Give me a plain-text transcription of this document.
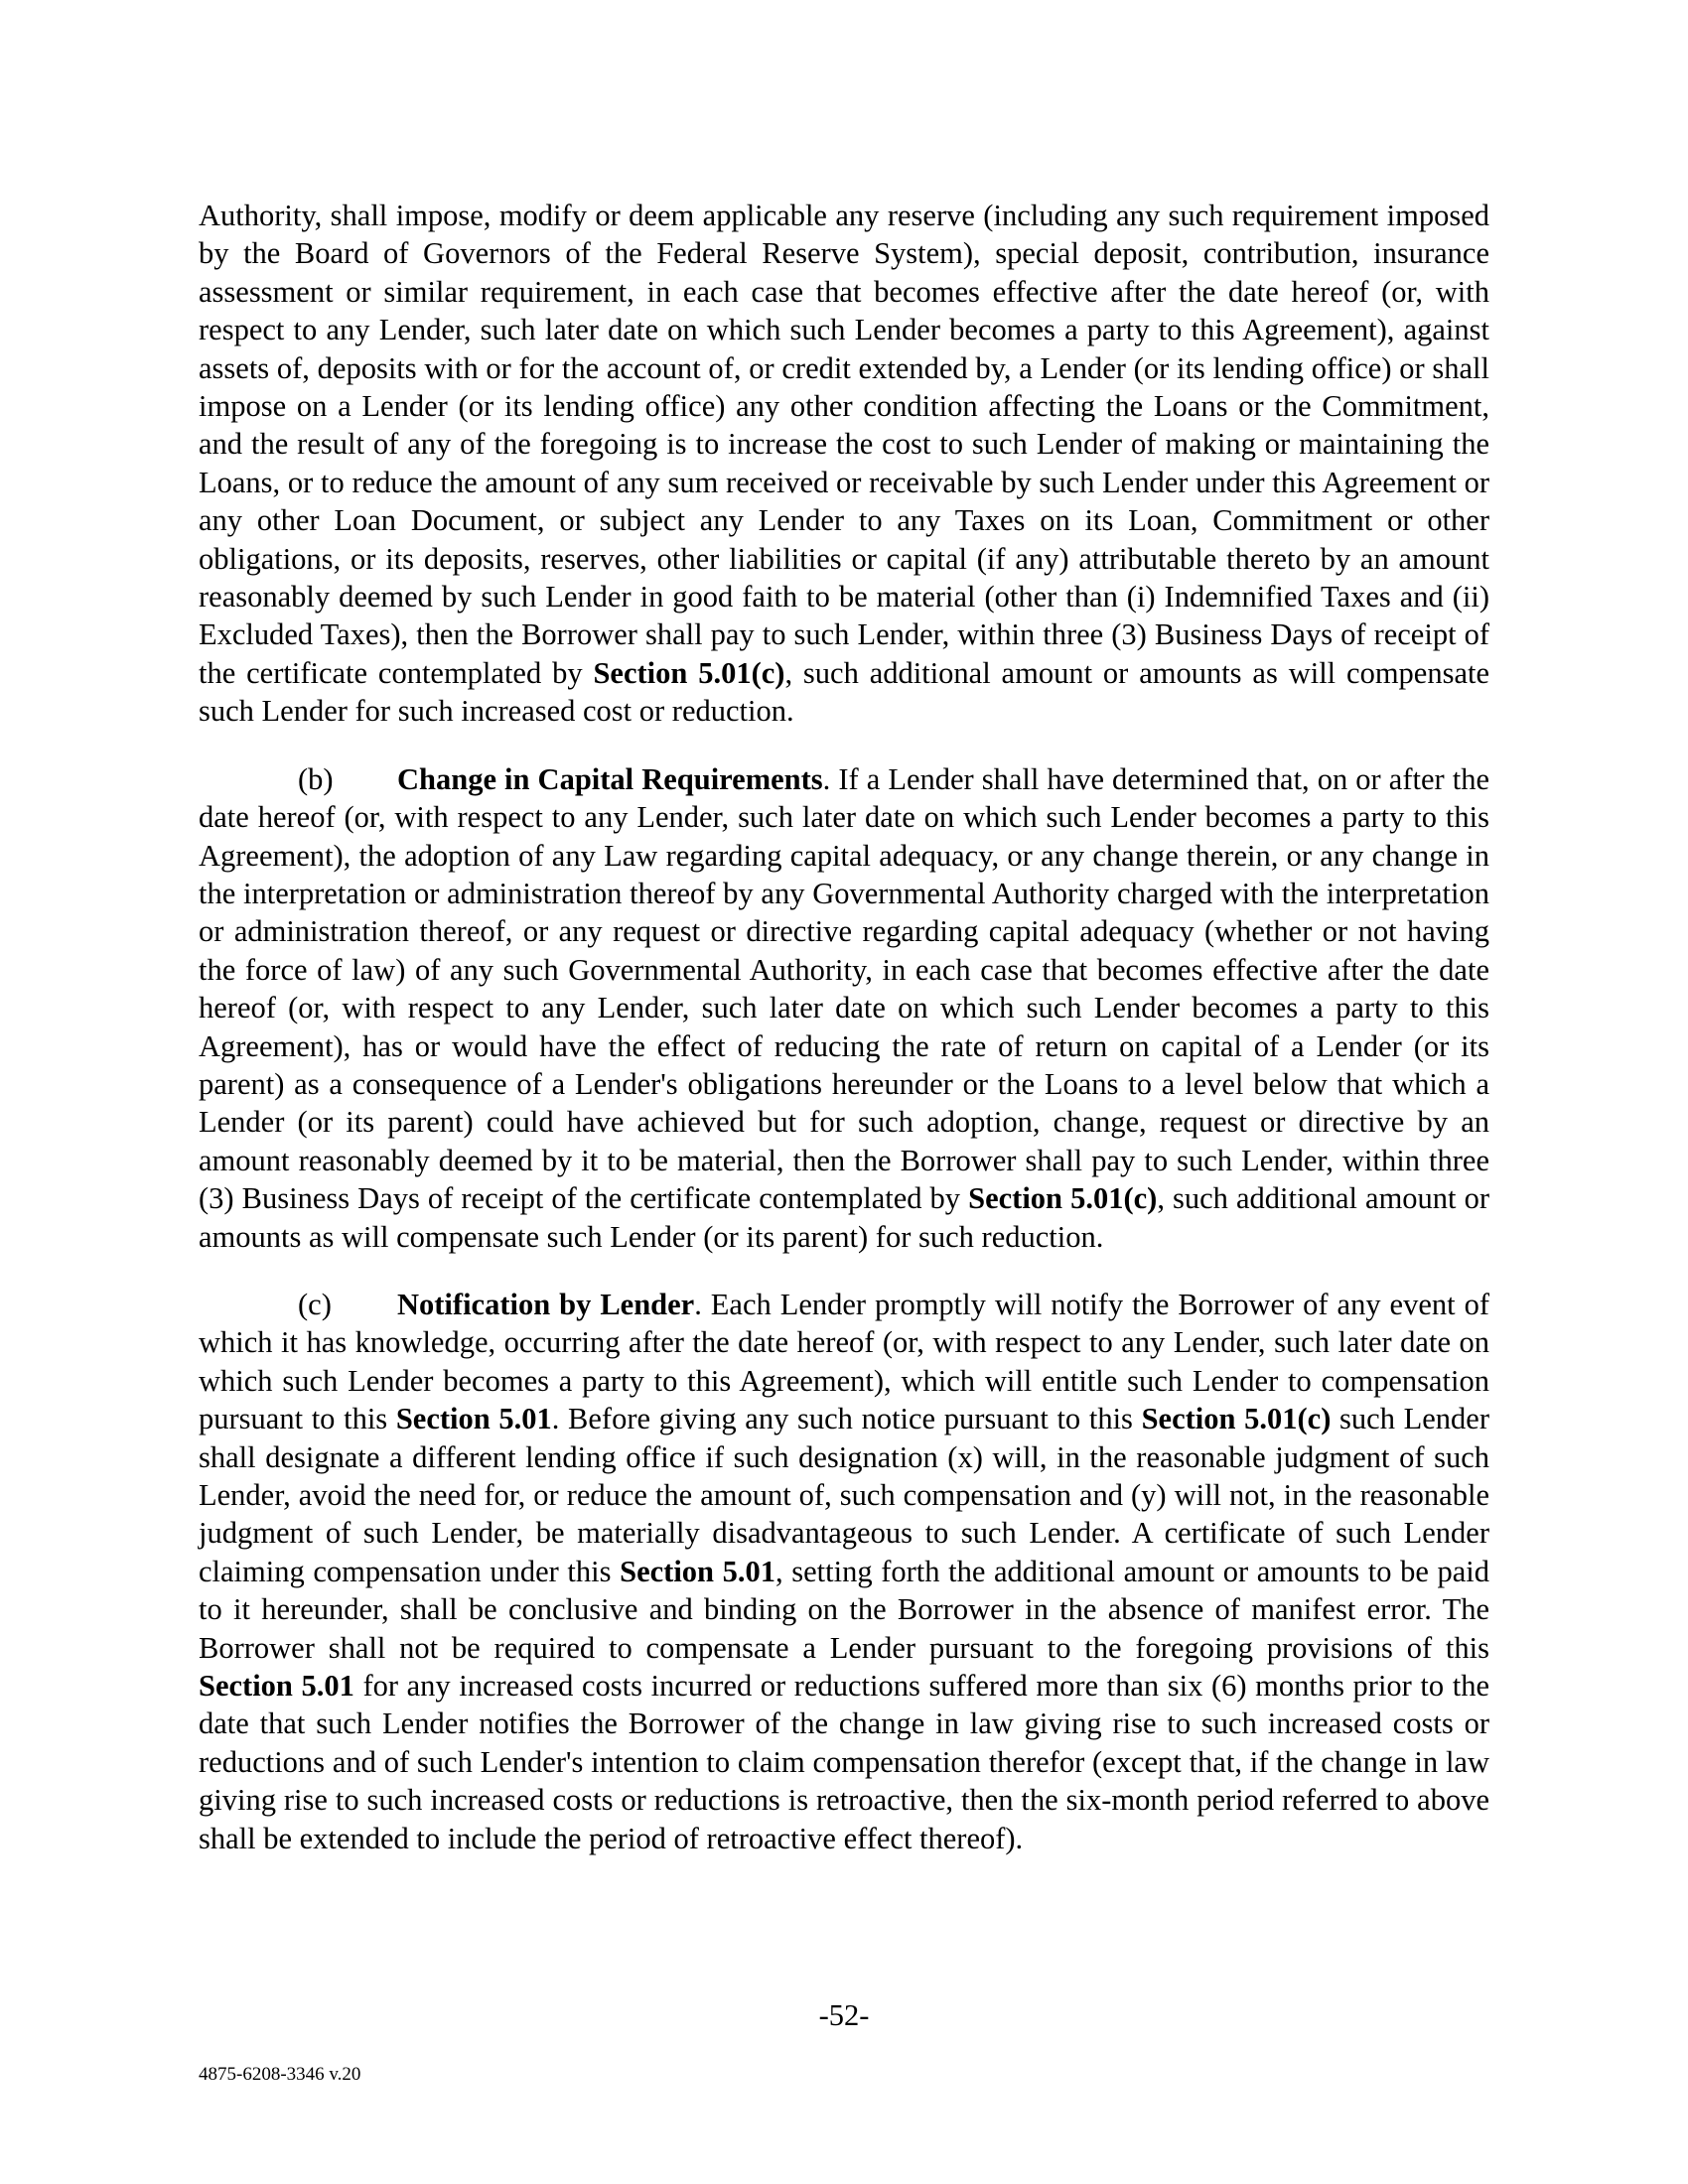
Authority, shall impose, modify or deem applicable any reserve (including any such requirement imposed by the Board of Governors of the Federal Reserve System), special deposit, contribution, insurance assessment or similar requirement, in each case that becomes effective after the date hereof (or, with respect to any Lender, such later date on which such Lender becomes a party to this Agreement), against assets of, deposits with or for the account of, or credit extended by, a Lender (or its lending office) or shall impose on a Lender (or its lending office) any other condition affecting the Loans or the Commitment, and the result of any of the foregoing is to increase the cost to such Lender of making or maintaining the Loans, or to reduce the amount of any sum received or receivable by such Lender under this Agreement or any other Loan Document, or subject any Lender to any Taxes on its Loan, Commitment or other obligations, or its deposits, reserves, other liabilities or capital (if any) attributable thereto by an amount reasonably deemed by such Lender in good faith to be material (other than (i) Indemnified Taxes and (ii) Excluded Taxes), then the Borrower shall pay to such Lender, within three (3) Business Days of receipt of the certificate contemplated by Section 5.01(c), such additional amount or amounts as will compensate such Lender for such increased cost or reduction.

(b) Change in Capital Requirements. If a Lender shall have determined that, on or after the date hereof (or, with respect to any Lender, such later date on which such Lender becomes a party to this Agreement), the adoption of any Law regarding capital adequacy, or any change therein, or any change in the interpretation or administration thereof by any Governmental Authority charged with the interpretation or administration thereof, or any request or directive regarding capital adequacy (whether or not having the force of law) of any such Governmental Authority, in each case that becomes effective after the date hereof (or, with respect to any Lender, such later date on which such Lender becomes a party to this Agreement), has or would have the effect of reducing the rate of return on capital of a Lender (or its parent) as a consequence of a Lender's obligations hereunder or the Loans to a level below that which a Lender (or its parent) could have achieved but for such adoption, change, request or directive by an amount reasonably deemed by it to be material, then the Borrower shall pay to such Lender, within three (3) Business Days of receipt of the certificate contemplated by Section 5.01(c), such additional amount or amounts as will compensate such Lender (or its parent) for such reduction.

(c) Notification by Lender. Each Lender promptly will notify the Borrower of any event of which it has knowledge, occurring after the date hereof (or, with respect to any Lender, such later date on which such Lender becomes a party to this Agreement), which will entitle such Lender to compensation pursuant to this Section 5.01. Before giving any such notice pursuant to this Section 5.01(c) such Lender shall designate a different lending office if such designation (x) will, in the reasonable judgment of such Lender, avoid the need for, or reduce the amount of, such compensation and (y) will not, in the reasonable judgment of such Lender, be materially disadvantageous to such Lender. A certificate of such Lender claiming compensation under this Section 5.01, setting forth the additional amount or amounts to be paid to it hereunder, shall be conclusive and binding on the Borrower in the absence of manifest error. The Borrower shall not be required to compensate a Lender pursuant to the foregoing provisions of this Section 5.01 for any increased costs incurred or reductions suffered more than six (6) months prior to the date that such Lender notifies the Borrower of the change in law giving rise to such increased costs or reductions and of such Lender's intention to claim compensation therefor (except that, if the change in law giving rise to such increased costs or reductions is retroactive, then the six-month period referred to above shall be extended to include the period of retroactive effect thereof).

-52-
4875-6208-3346 v.20
